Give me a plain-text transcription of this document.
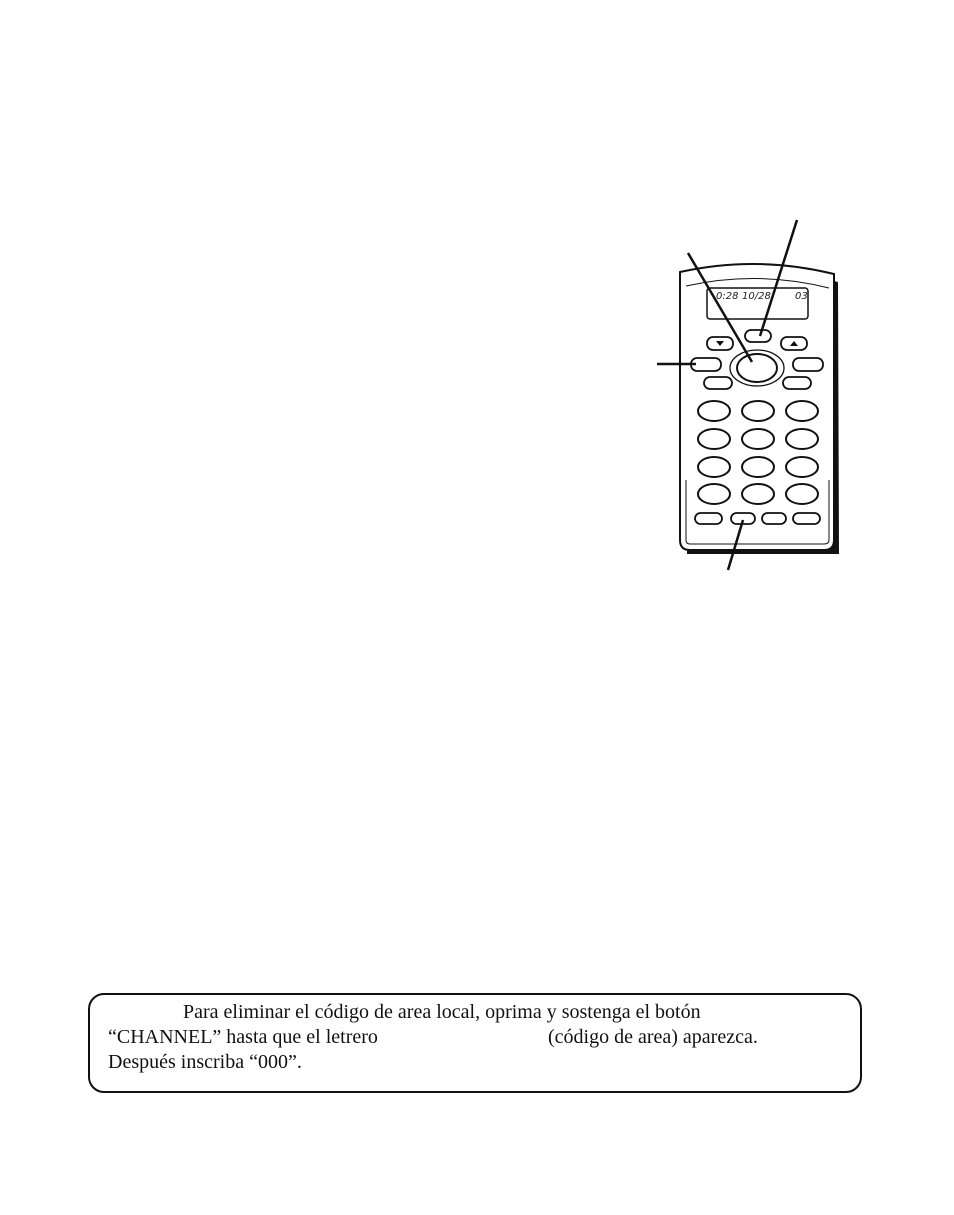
0:28 10/28 03
Para eliminar el código de area local, oprima y sostenga el botón
“CHANNEL” hasta que el letrero	(código de area) aparezca.
Después inscriba “000”.
